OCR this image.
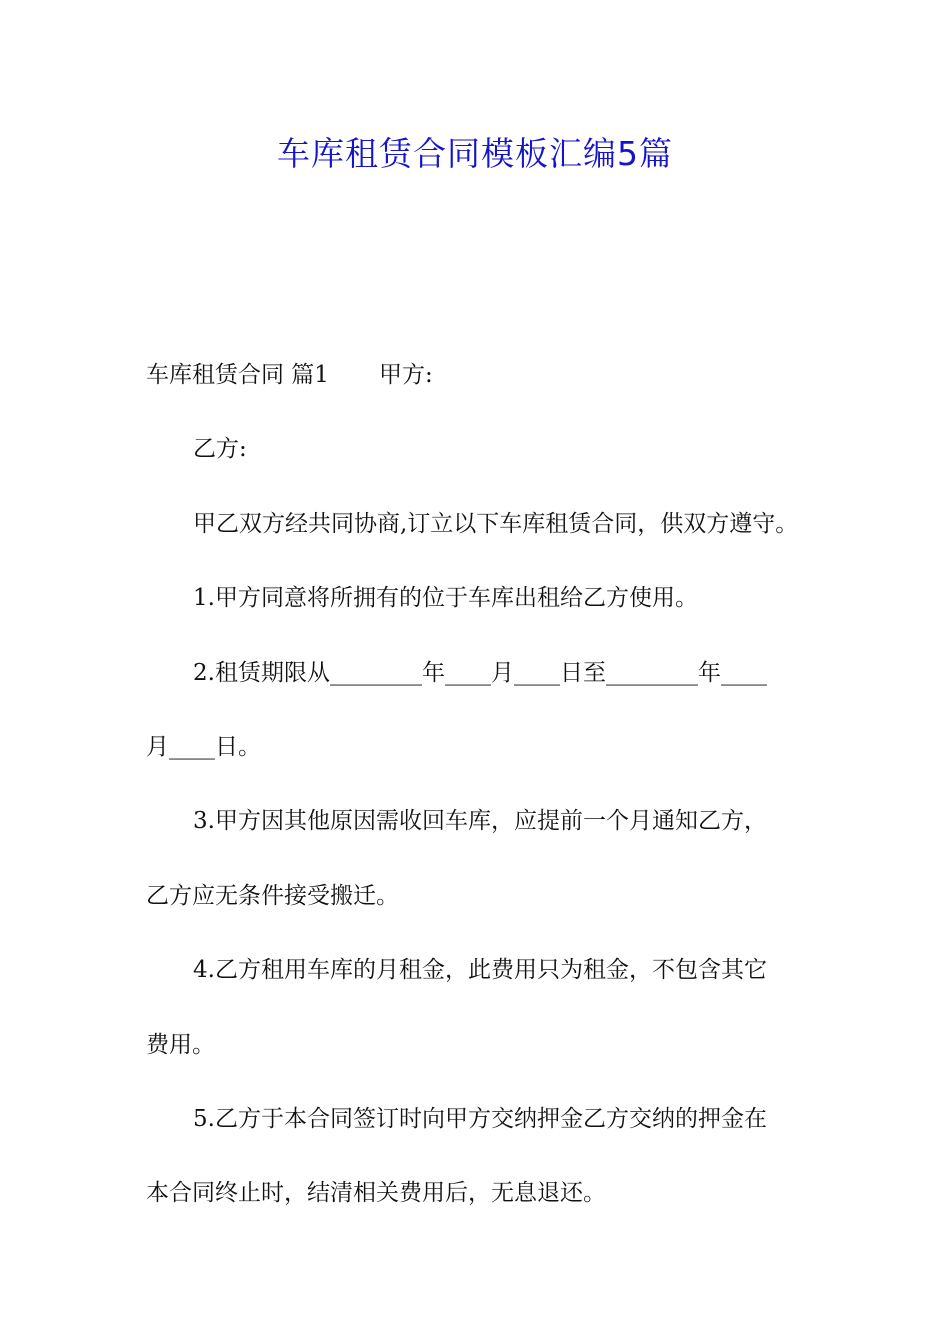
车库租赁合同模板汇编5篇
车库租赁合同 篇1 甲方:
乙方:
甲乙双方经共同协商,订立以下车库租赁合同，供双方遵守。
1.甲方同意将所拥有的位于车库出租给乙方使用。
2.租赁期限从________年____月____日至________年____
月____日。
3.甲方因其他原因需收回车库，应提前一个月通知乙方，
乙方应无条件接受搬迁。
4.乙方租用车库的月租金，此费用只为租金，不包含其它
费用。
5.乙方于本合同签订时向甲方交纳押金乙方交纳的押金在
本合同终止时，结清相关费用后，无息退还。
